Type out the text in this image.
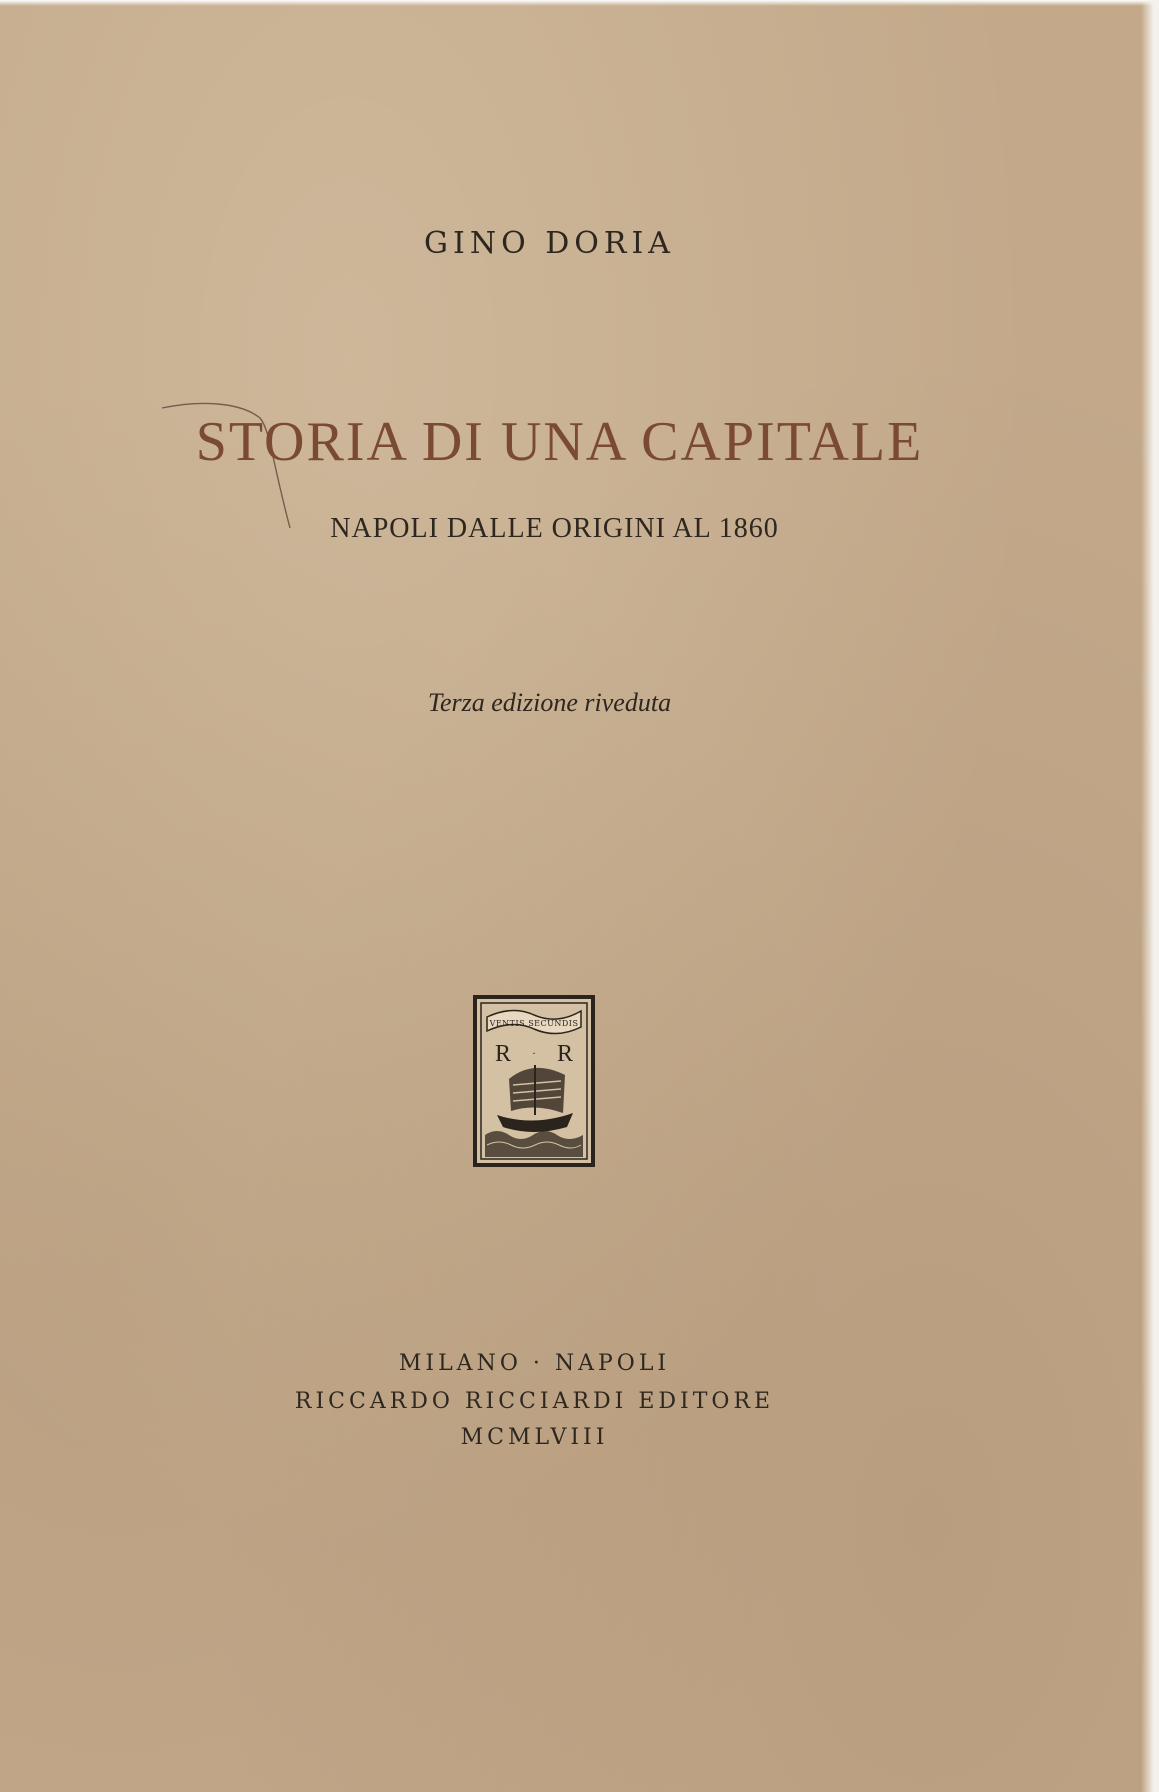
GINO DORIA
STORIA DI UNA CAPITALE
NAPOLI DALLE ORIGINI AL 1860
Terza edizione riveduta
VENTIS SECUNDIS
R · R
MILANO · NAPOLI
RICCARDO RICCIARDI EDITORE
MCMLVIII
